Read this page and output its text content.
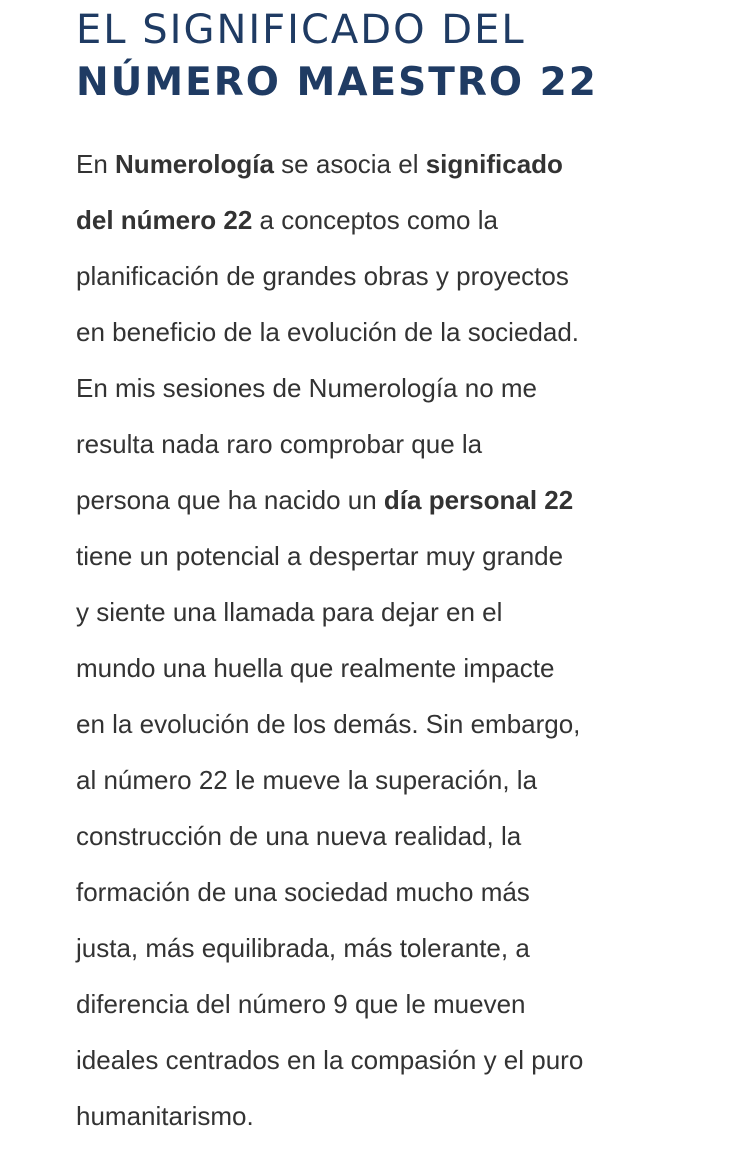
EL SIGNIFICADO DEL
NÚMERO MAESTRO 22

En Numerología se asocia el significado
del número 22 a conceptos como la
planificación de grandes obras y proyectos
en beneficio de la evolución de la sociedad.
En mis sesiones de Numerología no me
resulta nada raro comprobar que la
persona que ha nacido un día personal 22
tiene un potencial a despertar muy grande
y siente una llamada para dejar en el
mundo una huella que realmente impacte
en la evolución de los demás. Sin embargo,
al número 22 le mueve la superación, la
construcción de una nueva realidad, la
formación de una sociedad mucho más
justa, más equilibrada, más tolerante, a
diferencia del número 9 que le mueven
ideales centrados en la compasión y el puro
humanitarismo.
